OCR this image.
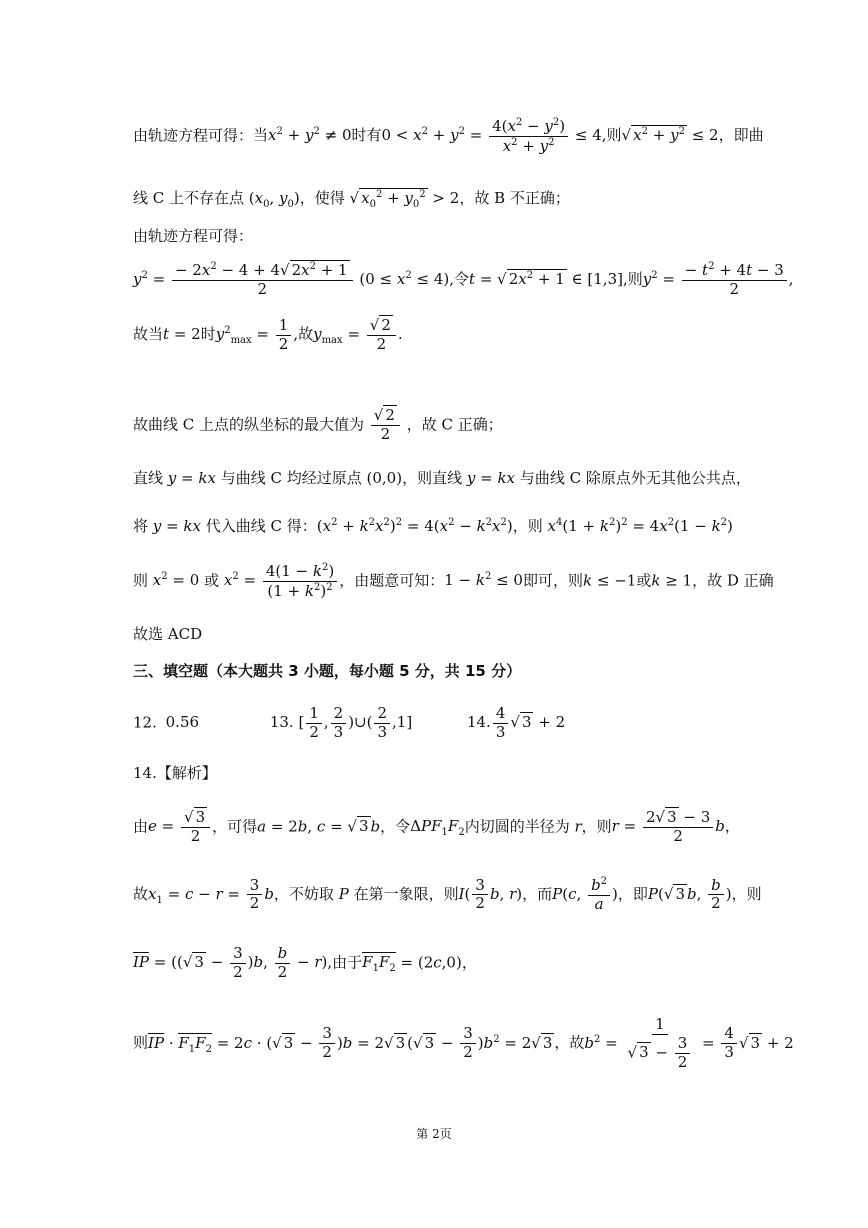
由轨迹方程可得：当$x^2 + y^2 \ne 0$时有$0 < x^2 + y^2 = \frac{4(x^2 - y^2)}{x^2 + y^2} \le 4$,则√ $x^2 + y^2 \le 2$，即曲
线 C 上不存在点 ($x_0$, $y_0$)，使得 √ $x_0^2 + y_0^2 > 2$，故 B 不正确；
由轨迹方程可得：
$y^2 = \frac{- 2x^2 - 4 + 4√ 2x^2 + 1}{2} (0 \le x^2 \le 4)$,令t = √ $2x^2 + 1$ ∈ [1,3],则$y^2 = \frac{- t^2 + 4t - 3}{2}$ ,
故当t = 2时$y^2_{max} = \frac{1}{2}$ ,故$y_{max} = \frac{√ 2}{2}$ .
故曲线 C 上点的纵坐标的最大值为 $\frac{√ 2}{2}$ ，故 C 正确；
直线 y = kx 与曲线 C 均经过原点 (0,0)，则直线 y = kx 与曲线 C 除原点外无其他公共点，
将 y = kx 代入曲线 C 得：$(x^2 + k^2x^2)^2 = 4(x^2 - k^2x^2)$，则 $x^4(1 + k^2)^2 = 4x^2(1 - k^2)$
则 $x^2 = 0$ 或 $x^2 = \frac{4(1 - k^2)}{(1 + k^2)^2}$ ，由题意可知：$1 - k^2 \le 0$即可，则k ≤ −1或k ≥ 1，故 D 正确
故选 ACD
三、填空题（本大题共 3 小题，每小题 5 分，共 15 分）
12. 0.56	13. [ $\frac{1}{2}$ , $\frac{2}{3}$ )∪( $\frac{2}{3} ,1$]	14. $\frac{4}{3}$ √ 3 + 2
14.【解析】
由$e = \frac{√ 3}{2}$ ，可得a = 2b, c = √ 3 b，令$\Delta PF_1F_2$内切圆的半径为 r，则$r = \frac{2√ 3 - 3}{2}$ b，
故$x_1 = c - r = \frac{3}{2}$ b，不妨取 P 在第一象限，则$I( \frac{3}{2} b$, r)，而P(c, $\frac{b^2}{a}$ )，即P(√ 3 b, $\frac{b}{2}$ )，则
IP = ((√ $3 - \frac{3}{2} )b$, $\frac{b}{2} - r$),由于$F_1F_2 = (2c,0)$，
则IP · $F_1F_2 = 2c$ · (√ $3 - \frac{3}{2} )b = 2√$ 3 (√ $3 - \frac{3}{2} )b^2 = 2√$ 3 ，故$b^2 = \frac{1}{√ 3 - \frac{3}{2}} = \frac{4}{3}$ √ 3 + 2
第 2页
